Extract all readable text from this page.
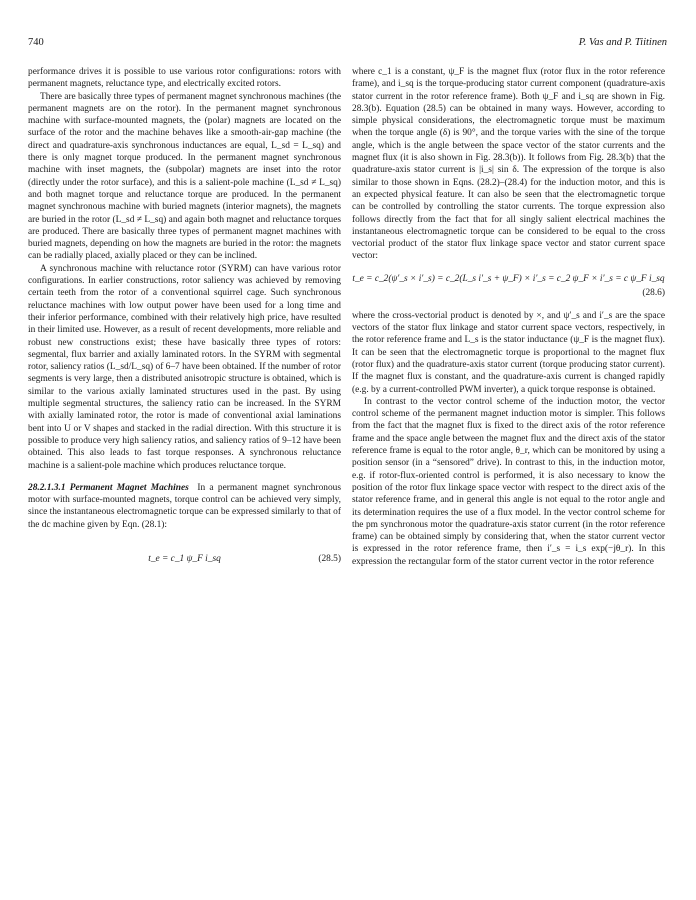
740	P. Vas and P. Tiitinen

performance drives it is possible to use various rotor configurations: rotors with permanent magnets, reluctance type, and electrically excited rotors.

There are basically three types of permanent magnet synchronous machines (the permanent magnets are on the rotor). In the permanent magnet synchronous machine with surface-mounted magnets, the (polar) magnets are located on the surface of the rotor and the machine behaves like a smooth-air-gap machine (the direct and quadrature-axis synchronous inductances are equal, L_sd = L_sq) and there is only magnet torque produced. In the permanent magnet synchronous machine with inset magnets, the (subpolar) magnets are inset into the rotor (directly under the rotor surface), and this is a salient-pole machine (L_sd ≠ L_sq) and both magnet torque and reluctance torque are produced. In the permanent magnet synchronous machine with buried magnets (interior magnets), the magnets are buried in the rotor (L_sd ≠ L_sq) and again both magnet and reluctance torques are produced. There are basically three types of permanent magnet machines with buried magnets, depending on how the magnets are buried in the rotor: the magnets can be radially placed, axially placed or they can be inclined.

A synchronous machine with reluctance rotor (SYRM) can have various rotor configurations. In earlier constructions, rotor saliency was achieved by removing certain teeth from the rotor of a conventional squirrel cage. Such synchronous reluctance machines with low output power have been used for a long time and their inferior performance, combined with their relatively high price, have resulted in their limited use. However, as a result of recent developments, more reliable and robust new constructions exist; these have basically three types of rotors: segmental, flux barrier and axially laminated rotors. In the SYRM with segmental rotor, saliency ratios (L_sd/L_sq) of 6–7 have been obtained. If the number of rotor segments is very large, then a distributed anisotropic structure is obtained, which is similar to the various axially laminated structures used in the past. By using multiple segmental structures, the saliency ratio can be increased. In the SYRM with axially laminated rotor, the rotor is made of conventional axial laminations bent into U or V shapes and stacked in the radial direction. With this structure it is possible to produce very high saliency ratios, and saliency ratios of 9–12 have been obtained. This also leads to fast torque responses. A synchronous reluctance machine is a salient-pole machine which produces reluctance torque.

28.2.1.3.1 Permanent Magnet Machines In a permanent magnet synchronous motor with surface-mounted magnets, torque control can be achieved very simply, since the instantaneous electromagnetic torque can be expressed similarly to that of the dc machine given by Eqn. (28.1):

t_e = c_1 ψ_F i_sq	(28.5)

where c_1 is a constant, ψ_F is the magnet flux (rotor flux in the rotor reference frame), and i_sq is the torque-producing stator current component (quadrature-axis stator current in the rotor reference frame). Both ψ_F and i_sq are shown in Fig. 28.3(b). Equation (28.5) can be obtained in many ways. However, according to simple physical considerations, the electromagnetic torque must be maximum when the torque angle (δ) is 90°, and the torque varies with the sine of the torque angle, which is the angle between the space vector of the stator currents and the magnet flux (it is also shown in Fig. 28.3(b)). It follows from Fig. 28.3(b) that the quadrature-axis stator current is |i_s| sin δ. The expression of the torque is also similar to those shown in Eqns. (28.2)–(28.4) for the induction motor, and this is an expected physical feature. It can also be seen that the electromagnetic torque can be controlled by controlling the stator currents. The torque expression also follows directly from the fact that for all singly salient electrical machines the instantaneous electromagnetic torque can be considered to be equal to the cross vectorial product of the stator flux linkage space vector and stator current space vector:

t_e = c_2(ψ′_s × i′_s) = c_2(L_s i′_s + ψ_F) × i′_s = c_2 ψ_F × i′_s = c ψ_F i_sq
(28.6)

where the cross-vectorial product is denoted by ×, and ψ′_s and i′_s are the space vectors of the stator flux linkage and stator current space vectors, respectively, in the rotor reference frame and L_s is the stator inductance (ψ_F is the magnet flux). It can be seen that the electromagnetic torque is proportional to the magnet flux (rotor flux) and the quadrature-axis stator current (torque producing stator current). If the magnet flux is constant, and the quadrature-axis current is changed rapidly (e.g. by a current-controlled PWM inverter), a quick torque response is obtained.

In contrast to the vector control scheme of the induction motor, the vector control scheme of the permanent magnet induction motor is simpler. This follows from the fact that the magnet flux is fixed to the direct axis of the rotor reference frame and the space angle between the magnet flux and the direct axis of the stator reference frame is equal to the rotor angle, θ_r, which can be monitored by using a position sensor (in a “sensored” drive). In contrast to this, in the induction motor, e.g. if rotor-flux-oriented control is performed, it is also necessary to know the position of the rotor flux linkage space vector with respect to the direct axis of the stator reference frame, and in general this angle is not equal to the rotor angle and its determination requires the use of a flux model. In the vector control scheme for the pm synchronous motor the quadrature-axis stator current (in the rotor reference frame) can be obtained simply by considering that, when the stator current vector is expressed in the rotor reference frame, then i′_s = i_s exp(−jθ_r). In this expression the rectangular form of the stator current vector in the rotor reference
